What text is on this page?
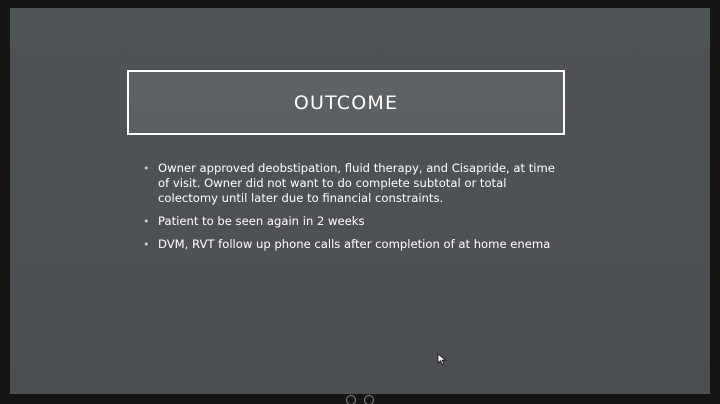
OUTCOME
• Owner approved deobstipation, fluid therapy, and Cisapride, at time of visit. Owner did not want to do complete subtotal or total colectomy until later due to financial constraints.
• Patient to be seen again in 2 weeks
• DVM, RVT follow up phone calls after completion of at home enema
